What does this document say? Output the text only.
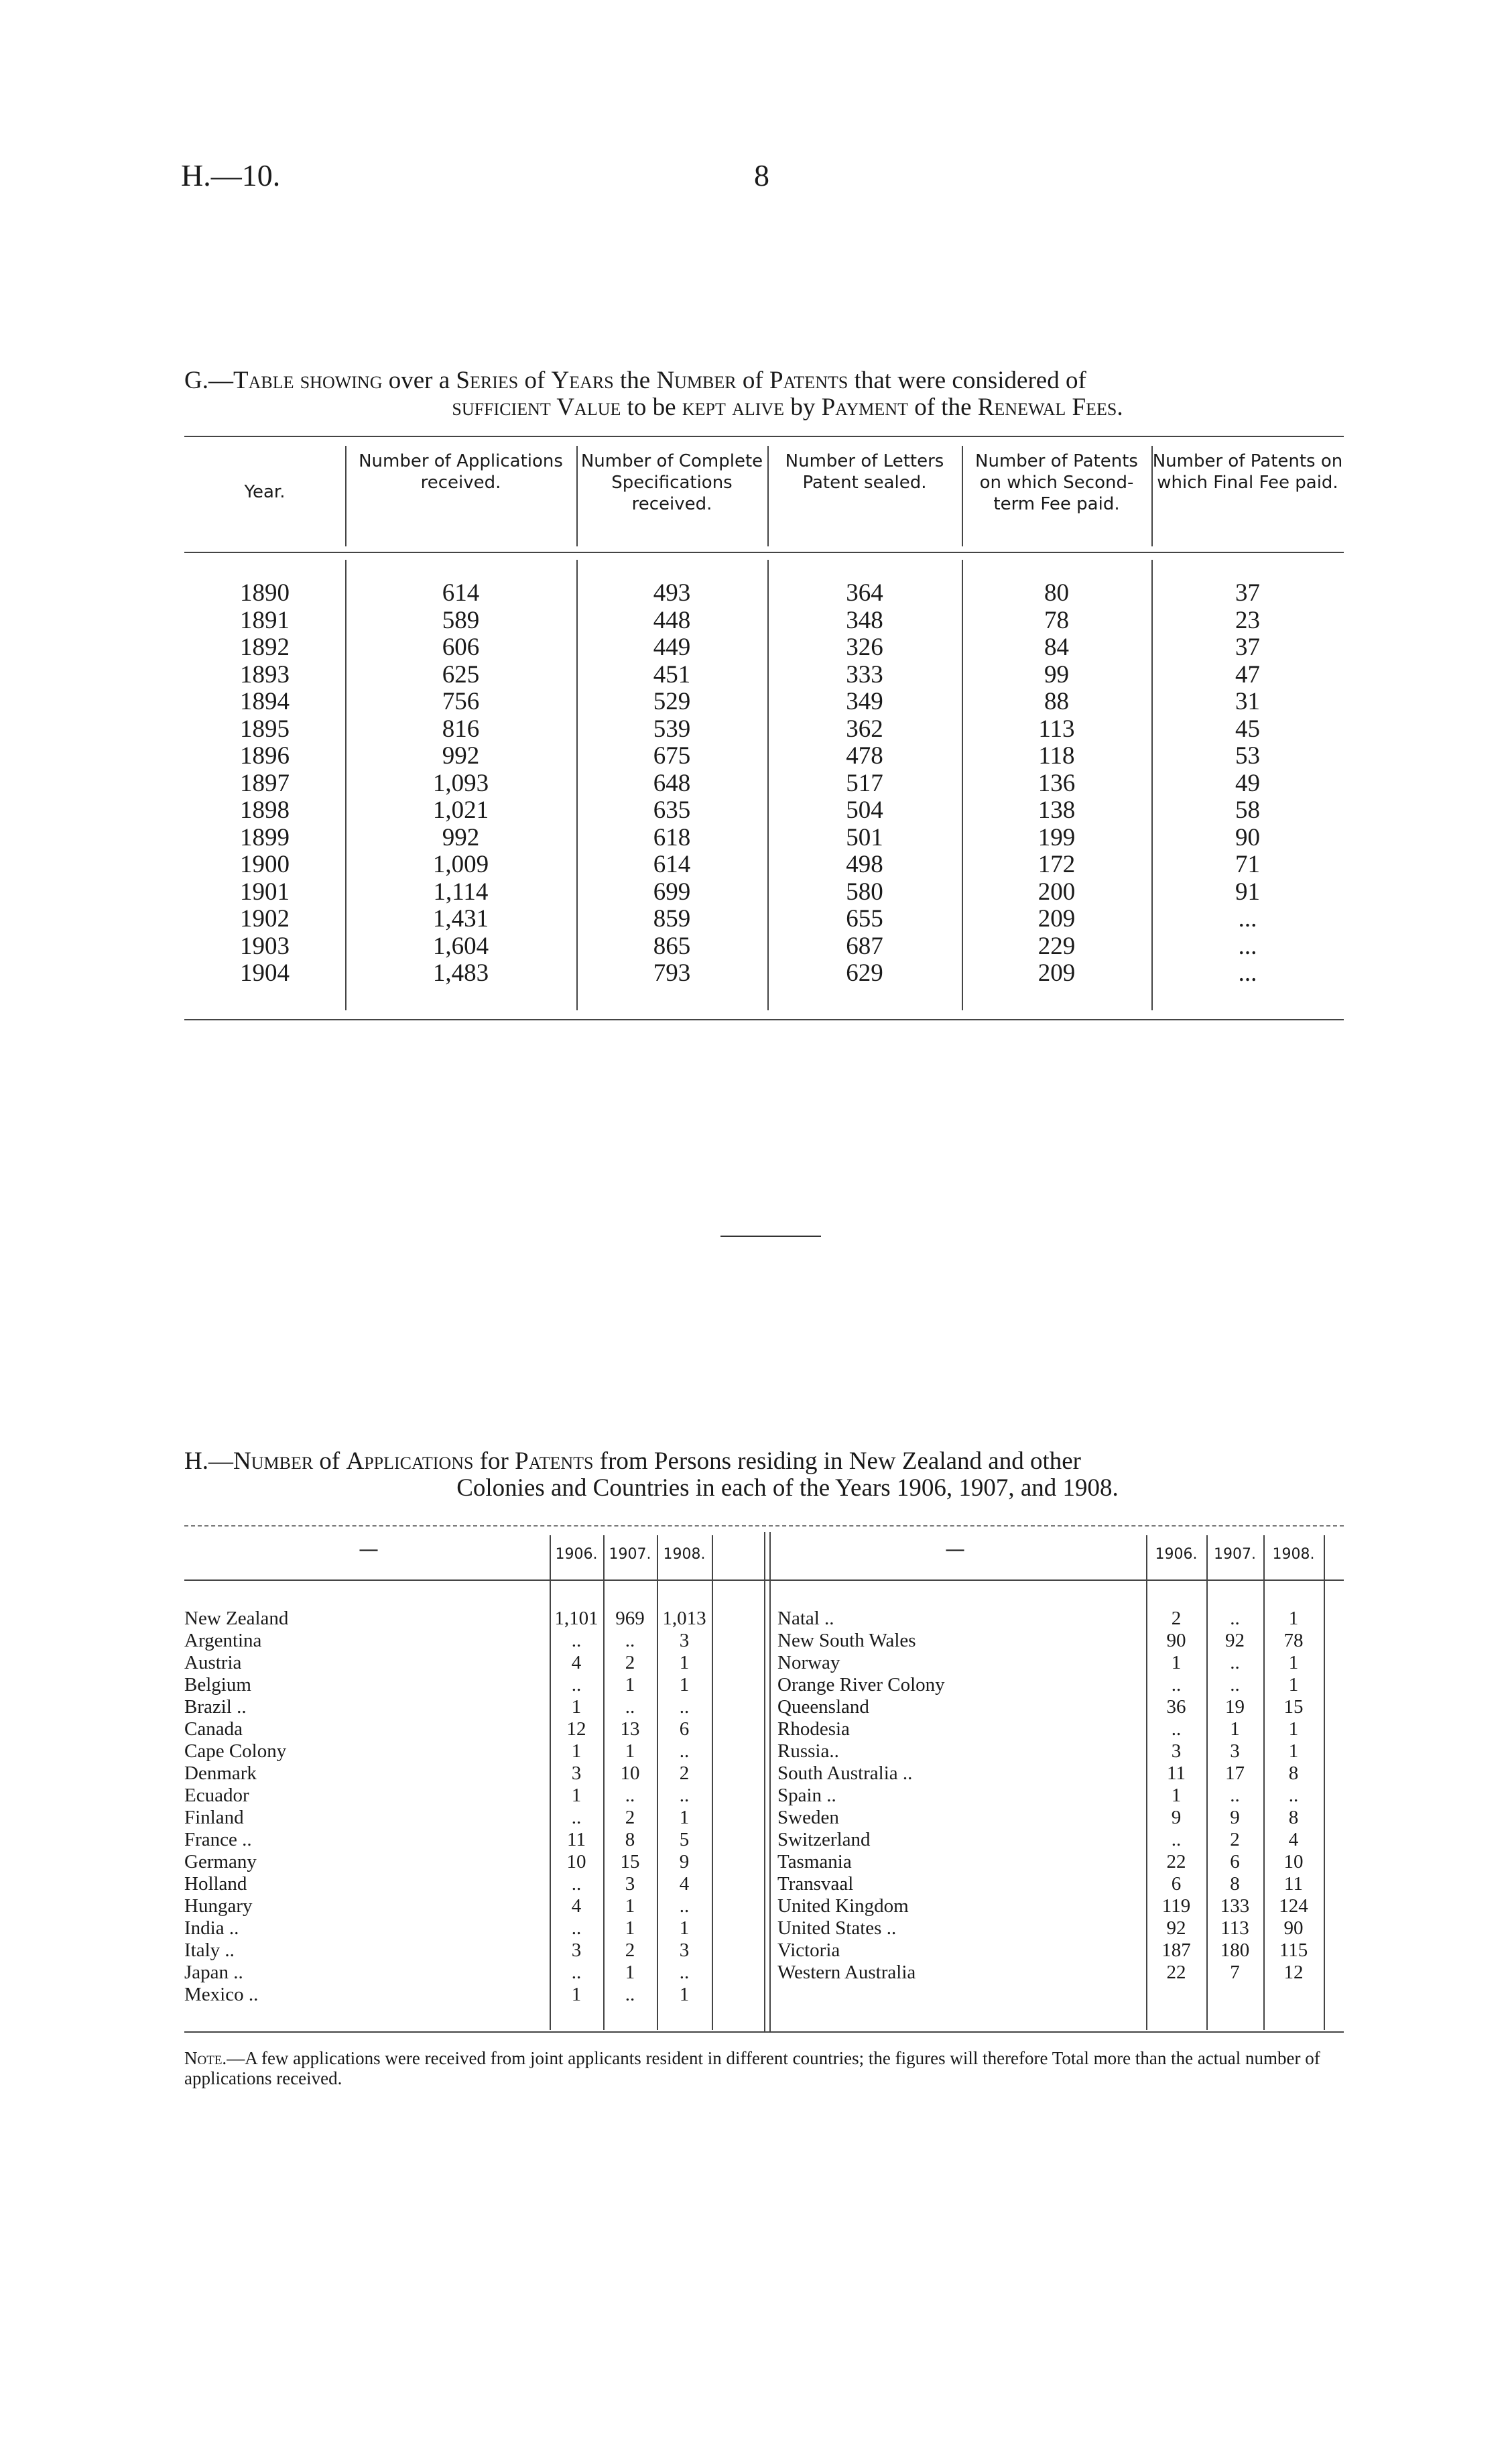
H.—10.	8
G.—Table showing over a Series of Years the Number of Patents that were considered of
sufficient Value to be kept alive by Payment of the Renewal Fees.
Year.
Number of Applications received.
Number of Complete Specifications received.
Number of Letters Patent sealed.
Number of Patents on which Second-term Fee paid.
Number of Patents on which Final Fee paid.
1890	614	493	364	80	37
1891	589	448	348	78	23
1892	606	449	326	84	37
1893	625	451	333	99	47
1894	756	529	349	88	31
1895	816	539	362	113	45
1896	992	675	478	118	53
1897	1,093	648	517	136	49
1898	1,021	635	504	138	58
1899	992	618	501	199	90
1900	1,009	614	498	172	71
1901	1,114	699	580	200	91
1902	1,431	859	655	209	...
1903	1,604	865	687	229	...
1904	1,483	793	629	209	...
H.—Number of Applications for Patents from Persons residing in New Zealand and other
Colonies and Countries in each of the Years 1906, 1907, and 1908.
—	—
1906. 1907. 1908.	1906.	1907.	1908.
New Zealand	1,101 969 1,013
Argentina	..	..	3
Austria	4	2	1
Belgium	..	1	1
Brazil ..	1	..	..
Canada	12	13	6
Cape Colony	1	1	..
Denmark	3	10	2
Ecuador	1	..	..
Finland	..	2	1
France ..	11	8	5
Germany	10	15	9
Holland	..	3	4
Hungary	4	1	..
India ..	..	1	1
Italy ..	3	2	3
Japan ..	..	1	..
Mexico ..	1	..	1
Natal ..	2	..	1
New South Wales	90	92	78
Norway	1	..	1
Orange River Colony	..	..	1
Queensland	36	19	15
Rhodesia	..	1	1
Russia..	3	3	1
South Australia ..	11	17	8
Spain ..	1	..	..
Sweden	9	9	8
Switzerland	..	2	4
Tasmania	22	6	10
Transvaal	6	8	11
United Kingdom	119	133	124
United States ..	92	113	90
Victoria	187	180	115
Western Australia	22	7	12
Note.—A few applications were received from joint applicants resident in different countries; the figures will therefore Total more than the actual number of applications received.
